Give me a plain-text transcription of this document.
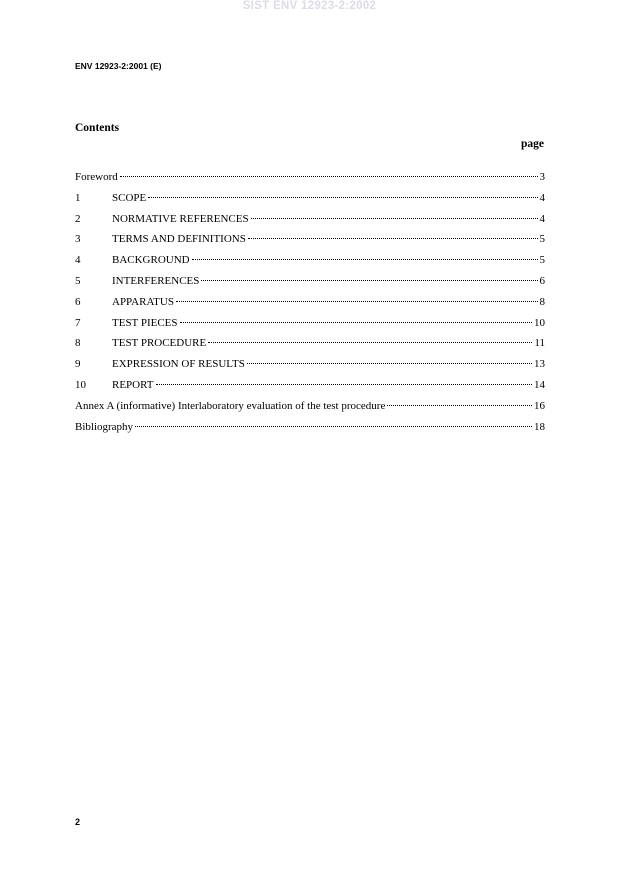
SIST ENV 12923-2:2002
ENV 12923-2:2001 (E)
Contents
page
Foreword	3
1	SCOPE	4
2	NORMATIVE REFERENCES	4
3	TERMS AND DEFINITIONS	5
4	BACKGROUND	5
5	INTERFERENCES	6
6	APPARATUS	8
7	TEST PIECES	10
8	TEST PROCEDURE	11
9	EXPRESSION OF RESULTS	13
10	REPORT	14
Annex A (informative) Interlaboratory evaluation of the test procedure	16
Bibliography	18
2
